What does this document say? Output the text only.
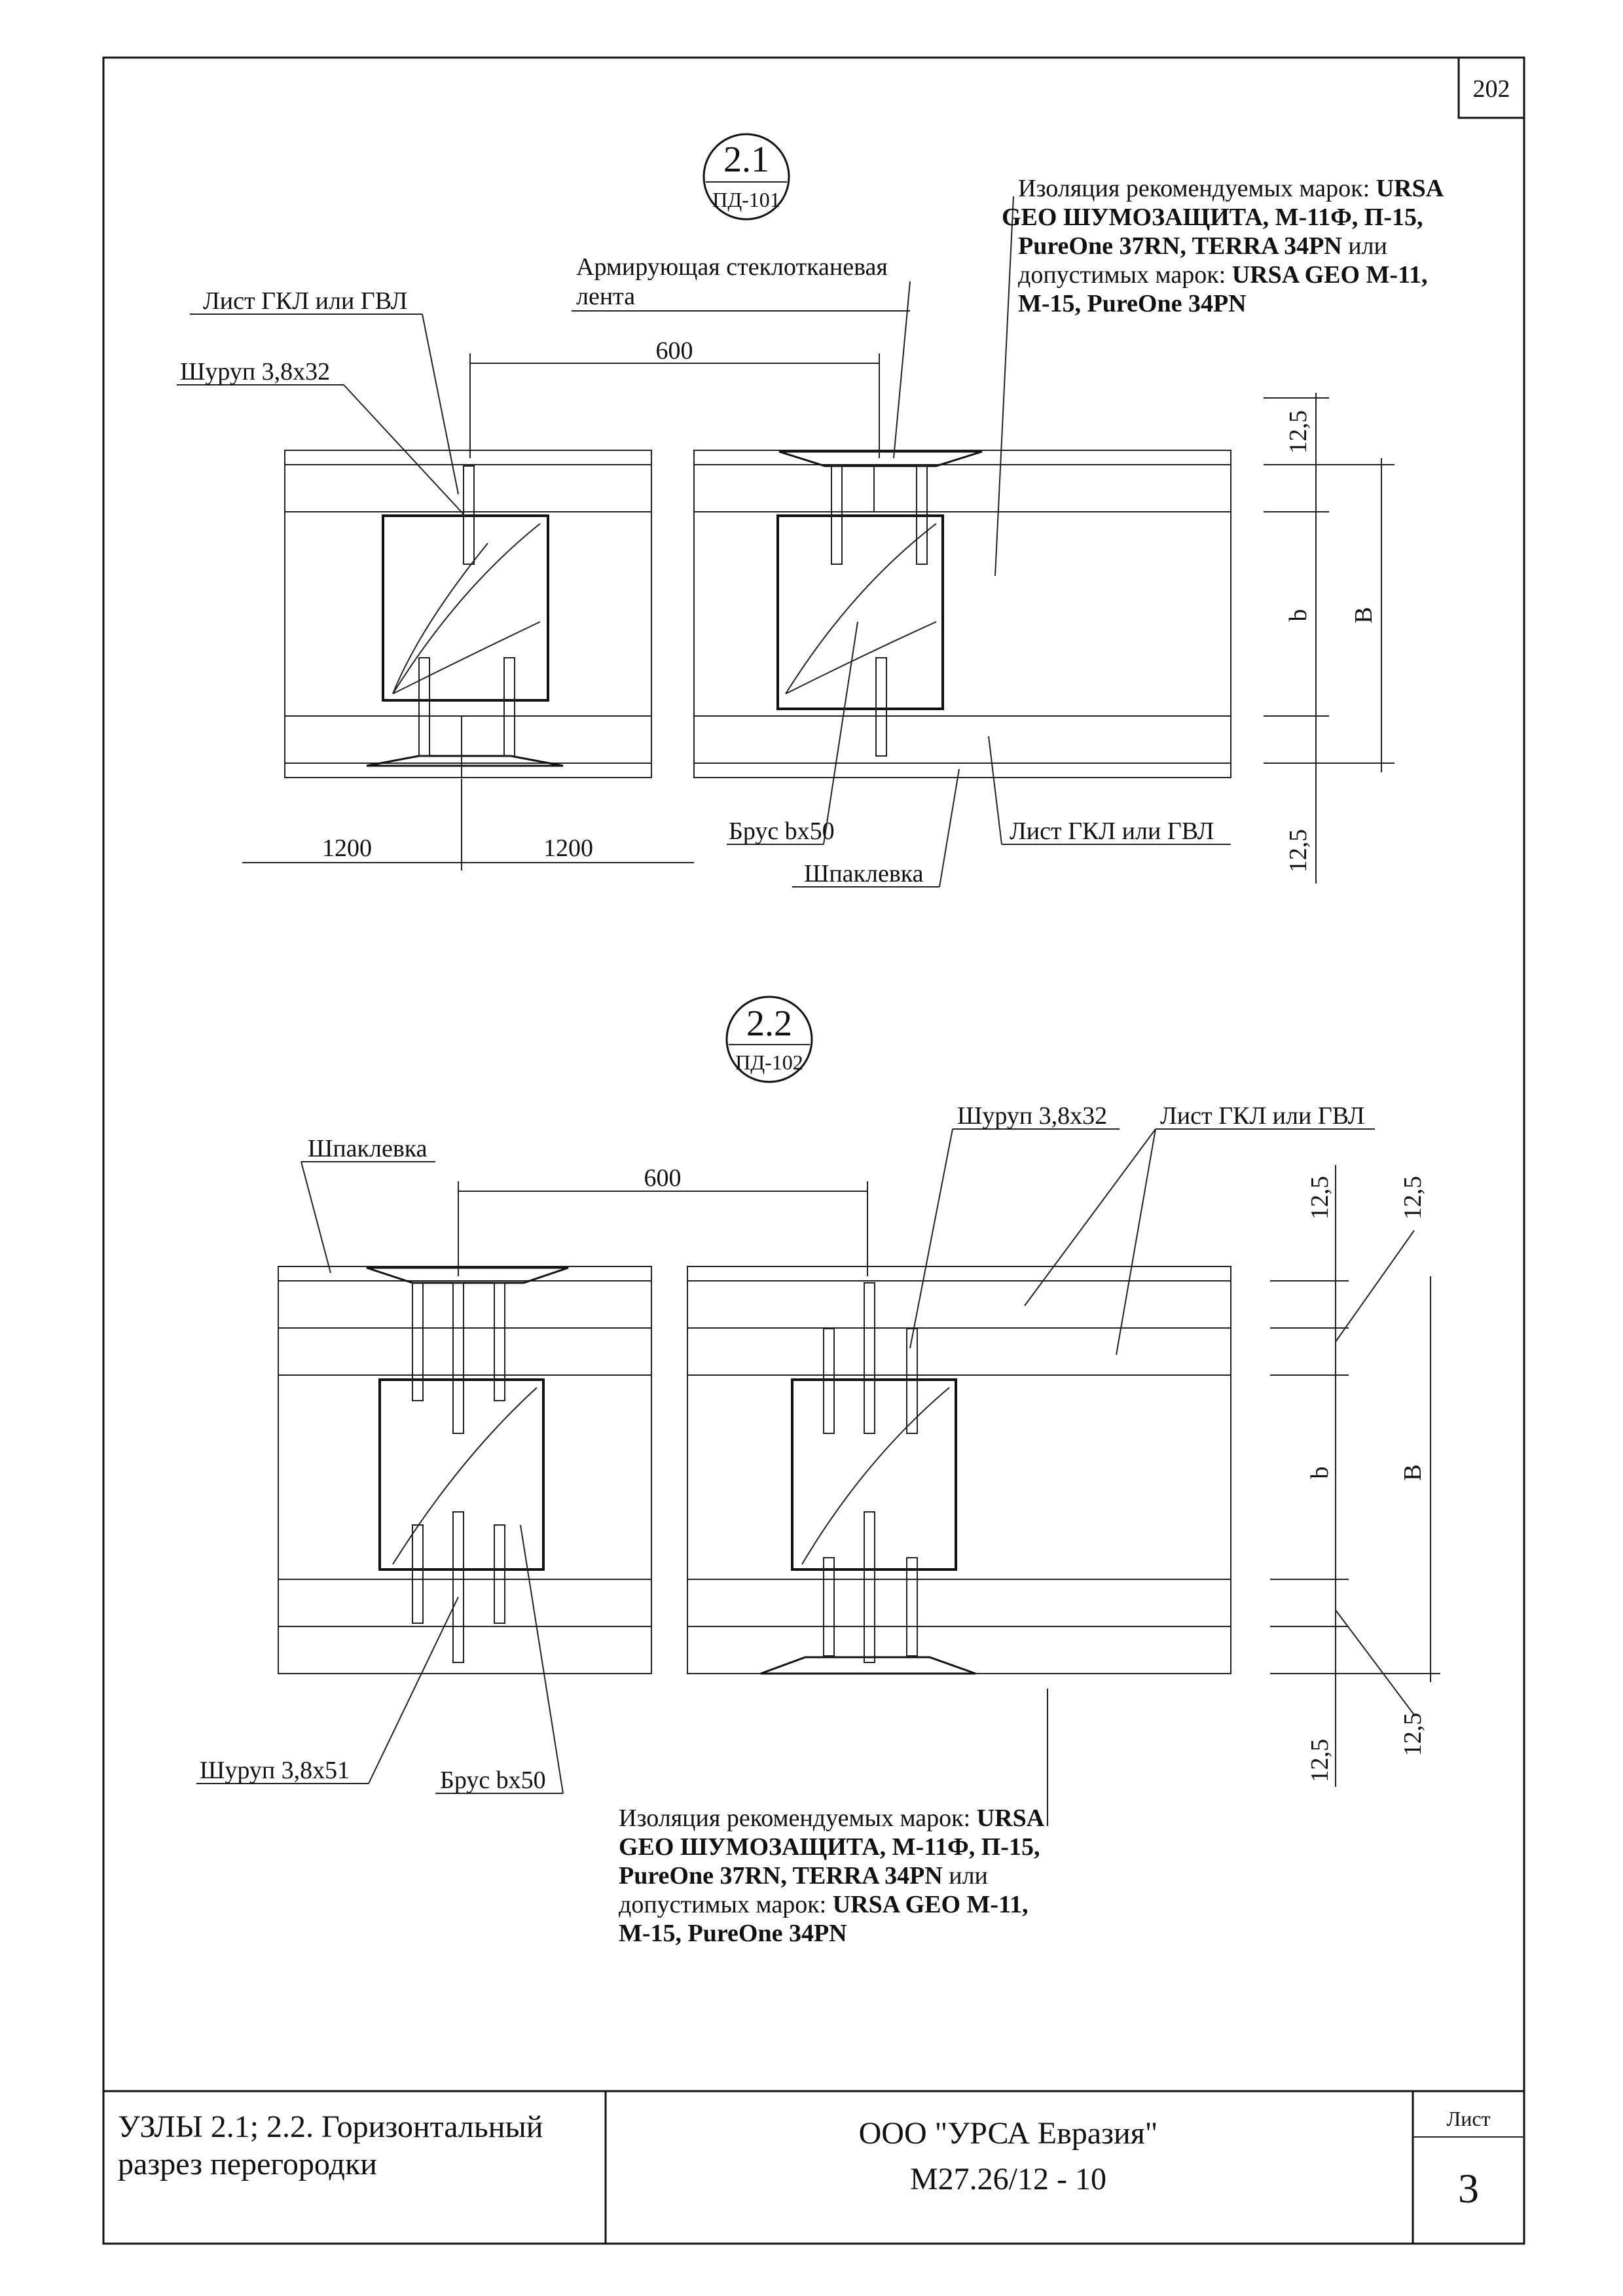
202
2.1
ПД-101
600
1200	1200
12,5
12,5
b В
Лист ГКЛ или ГВЛ
Шуруп 3,8x32
Армирующая стеклотканевая
лента
Изоляция рекомендуемых марок: URSA GEO ШУМОЗАЩИТА, М-11Ф, П-15, PureOne 37RN, TERRA 34PN или допустимых марок: URSA GEO М-11, М-15, PureOne 34PN
Брус bx50	Лист ГКЛ или ГВЛ
Шпаклевка
2.2
ПД-102
600	12,5	12,5
12,5
12,5
b	В
Шпаклевка
Шуруп 3,8x32 Лист ГКЛ или ГВЛ
Шуруп 3,8x51	Брус bx50
Изоляция рекомендуемых марок: URSA GEO ШУМОЗАЩИТА, М-11Ф, П-15, PureOne 37RN, TERRA 34PN или допустимых марок: URSA GEO М-11, М-15, PureOne 34PN
УЗЛЫ 2.1; 2.2. Горизонтальный
разрез перегородки
ООО "УРСА Евразия"
М27.26/12 - 10
Лист
3
